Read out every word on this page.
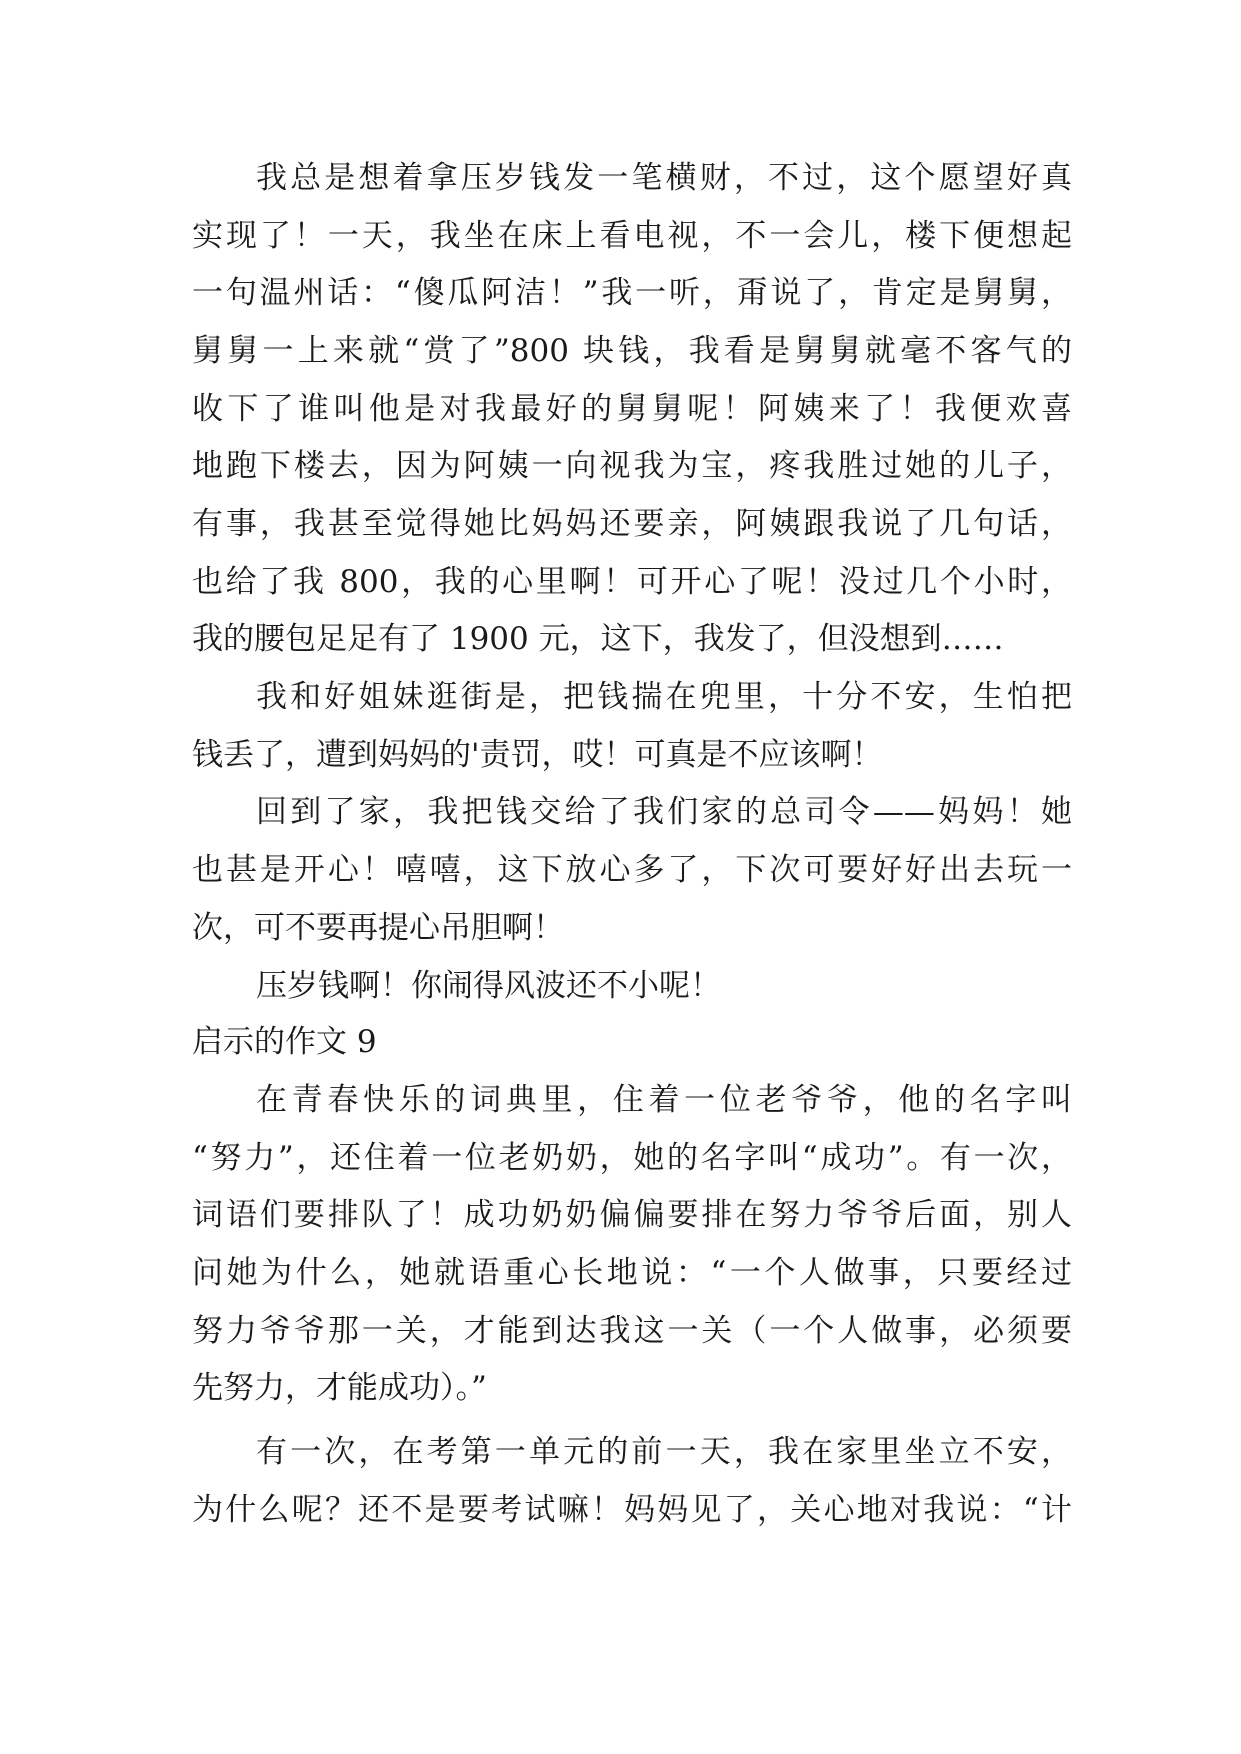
我总是想着拿压岁钱发一笔横财，不过，这个愿望好真
实现了！一天，我坐在床上看电视，不一会儿，楼下便想起
一句温州话：“傻瓜阿洁！”我一听，甭说了，肯定是舅舅，
舅舅一上来就“赏了”800 块钱，我看是舅舅就毫不客气的
收下了谁叫他是对我最好的舅舅呢！阿姨来了！我便欢喜
地跑下楼去，因为阿姨一向视我为宝，疼我胜过她的儿子，
有事，我甚至觉得她比妈妈还要亲，阿姨跟我说了几句话，
也给了我 800，我的心里啊！可开心了呢！没过几个小时，
我的腰包足足有了 1900 元，这下，我发了，但没想到……
我和好姐妹逛街是，把钱揣在兜里，十分不安，生怕把
钱丢了，遭到妈妈的'责罚，哎！可真是不应该啊！
回到了家，我把钱交给了我们家的总司令——妈妈！她
也甚是开心！嘻嘻，这下放心多了，下次可要好好出去玩一
次，可不要再提心吊胆啊！
压岁钱啊！你闹得风波还不小呢！
启示的作文 9
在青春快乐的词典里，住着一位老爷爷，他的名字叫
“努力”，还住着一位老奶奶，她的名字叫“成功”。有一次，
词语们要排队了！成功奶奶偏偏要排在努力爷爷后面，别人
问她为什么，她就语重心长地说：“一个人做事，只要经过
努力爷爷那一关，才能到达我这一关（一个人做事，必须要
先努力，才能成功）。”
有一次，在考第一单元的前一天，我在家里坐立不安，
为什么呢？还不是要考试嘛！妈妈见了，关心地对我说：“计
